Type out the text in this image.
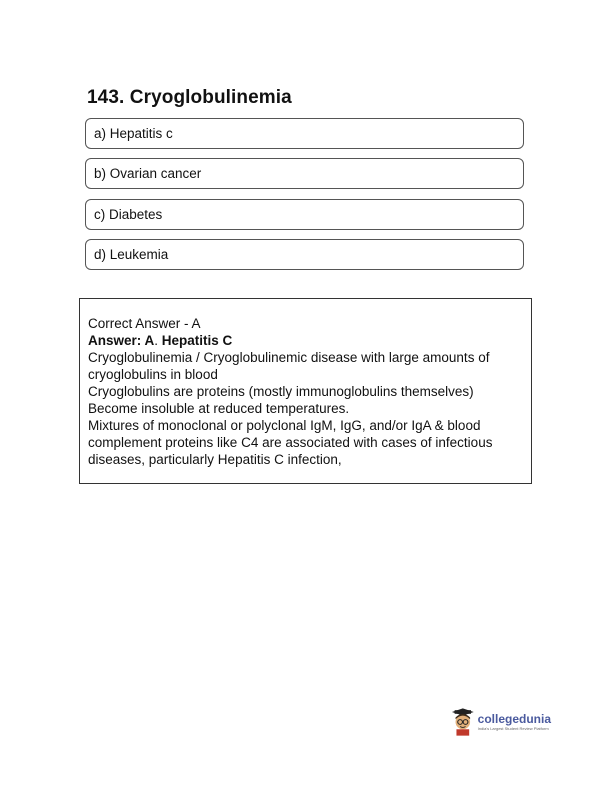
143. Cryoglobulinemia
a) Hepatitis c
b) Ovarian cancer
c) Diabetes
d) Leukemia

Correct Answer - A

Answer: A. Hepatitis C

Cryoglobulinemia / Cryoglobulinemic disease with large amounts of

cryoglobulins in blood

Cryoglobulins are proteins (mostly immunoglobulins themselves)

Become insoluble at reduced temperatures.

Mixtures of monoclonal or polyclonal IgM, IgG, and/or IgA & blood

complement proteins like C4 are associated with cases of infectious

diseases, particularly Hepatitis C infection,

collegedunia
India's Largest Student Review Platform
